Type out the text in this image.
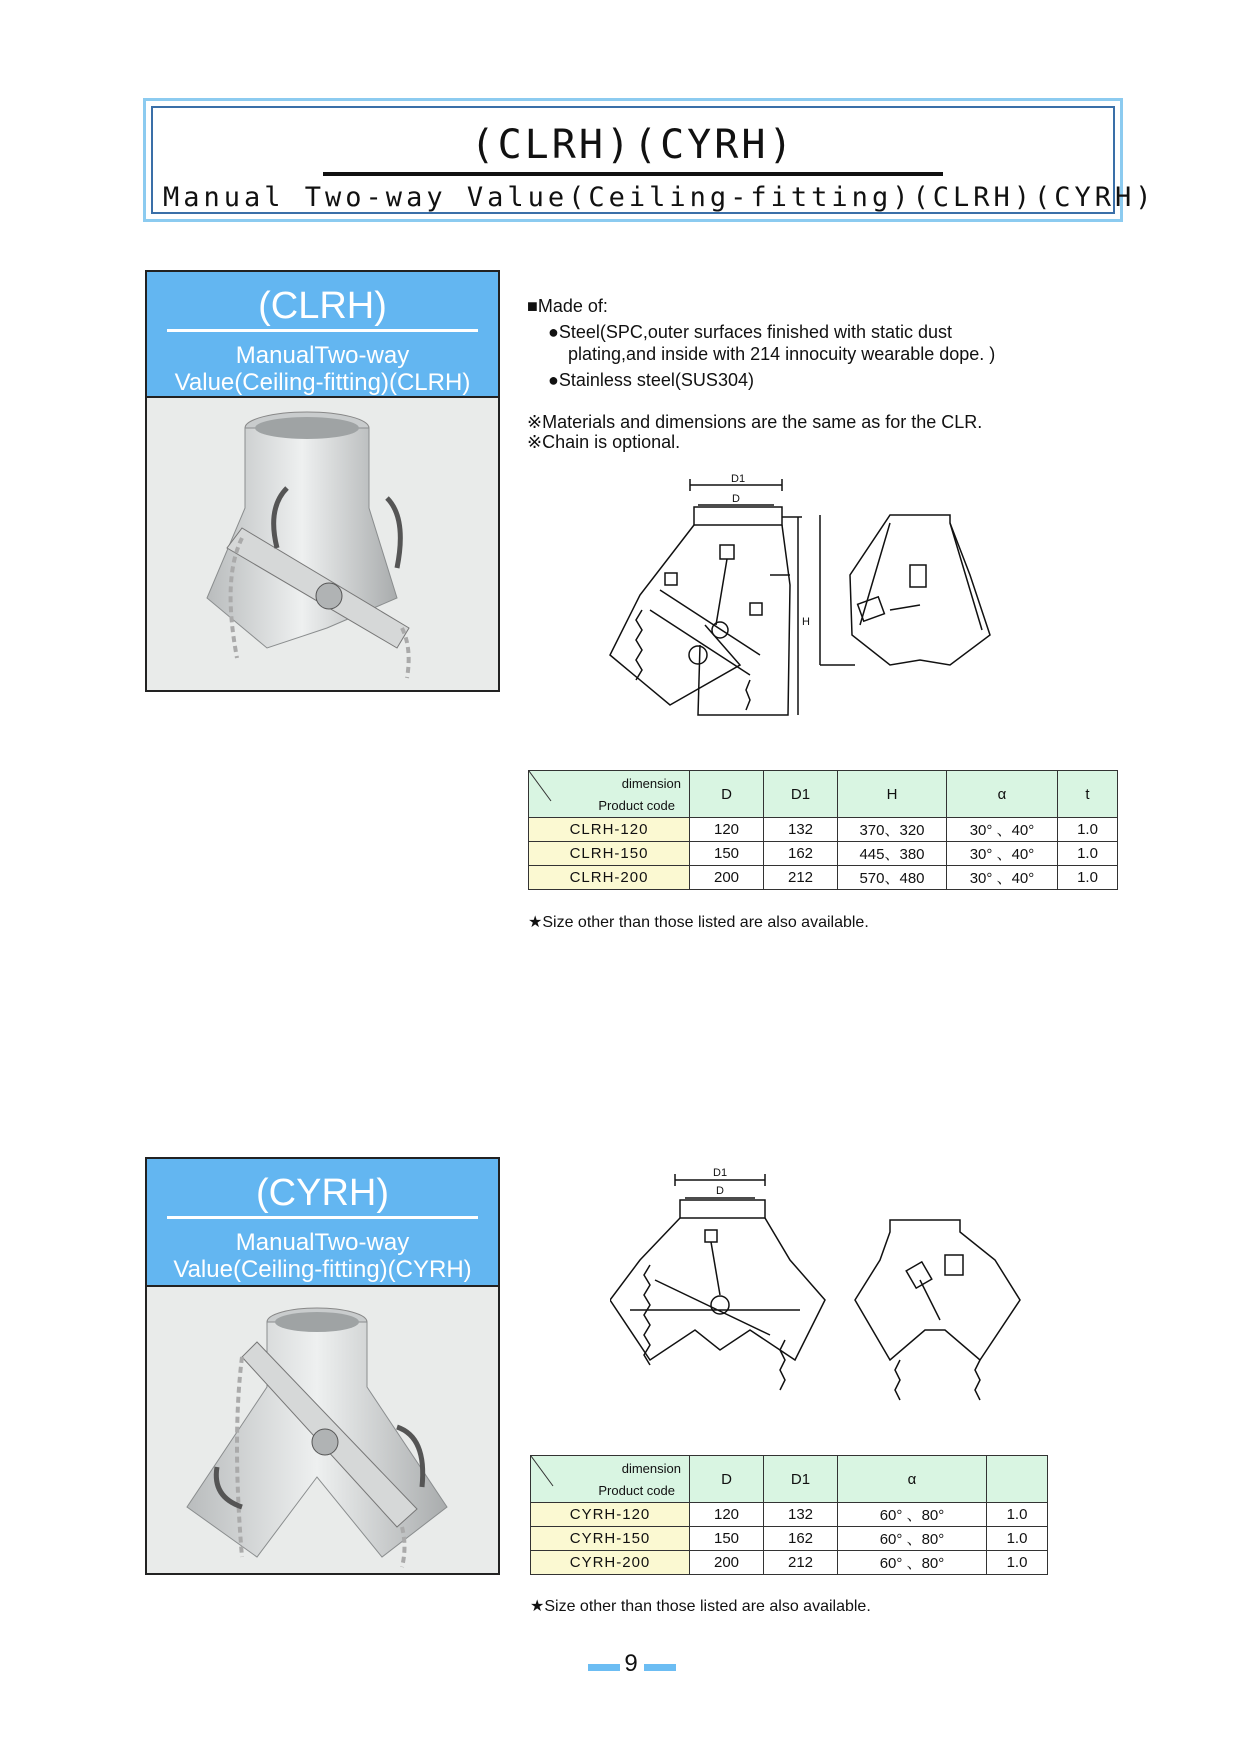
(CLRH)(CYRH)
Manual Two-way Value(Ceiling-fitting)(CLRH)(CYRH)
(CLRH)
ManualTwo-way
Value(Ceiling-fitting)(CLRH)
■Made of:
●Steel(SPC,outer surfaces finished with static dust
plating,and inside with 214 innocuity wearable dope. )
●Stainless steel(SUS304)
※Materials and dimensions are the same as for the CLR.
※Chain is optional.
D1
D
H
dimension
Product code	D	D1	H	α	t
CLRH-120	120	132	370、320	30° 、40°	1.0
CLRH-150	150	162	445、380	30° 、40°	1.0
CLRH-200	200	212	570、480	30° 、40°	1.0
★Size other than those listed are also available.
(CYRH)
ManualTwo-way
Value(Ceiling-fitting)(CYRH)
D1
D
dimension
Product code	D	D1	α	
CYRH-120	120	132	60° 、80°	1.0
CYRH-150	150	162	60° 、80°	1.0
CYRH-200	200	212	60° 、80°	1.0
★Size other than those listed are also available.
9
